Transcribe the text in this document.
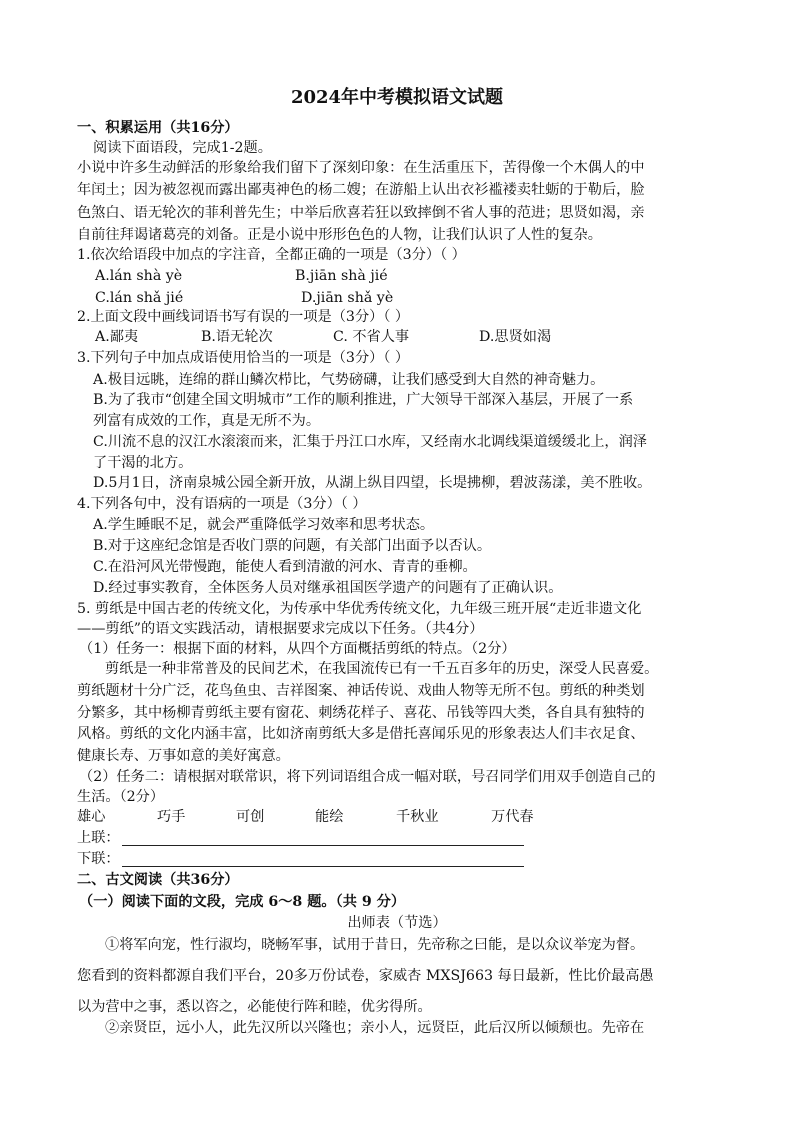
2024年中考模拟语文试题
一、积累运用（共16分）
阅读下面语段，完成1-2题。
小说中许多生动鲜活的形象给我们留下了深刻印象：在生活重压下，苦得像一个木偶人的中
年闰土；因为被忽视而露出鄙夷神色的杨二嫂；在游船上认出衣衫褴褛卖牡蛎的于勒后，脸
色煞白、语无轮次的菲利普先生；中举后欣喜若狂以致摔倒不省人事的范进；思贤如渴，亲
自前往拜谒诸葛亮的刘备。正是小说中形形色色的人物，让我们认识了人性的复杂。
1.依次给语段中加点的字注音，全都正确的一项是（3分）（ ）
A.lán shà yè	B.jiān shà jié
C.lán shǎ jié	D.jiān shǎ yè
2.上面文段中画线词语书写有误的一项是（3分）（ ）
A.鄙夷	B.语无轮次	C. 不省人事	D.思贤如渴
3.下列句子中加点成语使用恰当的一项是（3分）（ ）
A.极目远眺，连绵的群山鳞次栉比，气势磅礴，让我们感受到大自然的神奇魅力。
B.为了我市“创建全国文明城市”工作的顺利推进，广大领导干部深入基层，开展了一系
列富有成效的工作，真是无所不为。
C.川流不息的汉江水滚滚而来，汇集于丹江口水库，又经南水北调线渠道缓缓北上，润泽
了干渴的北方。
D.5月1日，济南泉城公园全新开放，从湖上纵目四望，长堤拂柳，碧波荡漾，美不胜收。
4.下列各句中，没有语病的一项是（3分）（ ）
A.学生睡眠不足，就会严重降低学习效率和思考状态。
B.对于这座纪念馆是否收门票的问题，有关部门出面予以否认。
C.在沿河风光带慢跑，能使人看到清澈的河水、青青的垂柳。
D.经过事实教育，全体医务人员对继承祖国医学遗产的问题有了正确认识。
5. 剪纸是中国古老的传统文化，为传承中华优秀传统文化，九年级三班开展“走近非遗文化
——剪纸”的语文实践活动，请根据要求完成以下任务。（共4分）
（1）任务一：根据下面的材料，从四个方面概括剪纸的特点。（2分）
剪纸是一种非常普及的民间艺术，在我国流传已有一千五百多年的历史，深受人民喜爱。
剪纸题材十分广泛，花鸟鱼虫、吉祥图案、神话传说、戏曲人物等无所不包。剪纸的种类划
分繁多，其中杨柳青剪纸主要有窗花、刺绣花样子、喜花、吊钱等四大类，各自具有独特的
风格。剪纸的文化内涵丰富，比如济南剪纸大多是借托喜闻乐见的形象表达人们丰衣足食、
健康长寿、万事如意的美好寓意。
（2）任务二：请根据对联常识，将下列词语组合成一幅对联，号召同学们用双手创造自己的
生活。（2分）
雄心	巧手	可创	能绘	千秋业	万代春
上联：
下联：
二、古文阅读（共36分）
（一）阅读下面的文段，完成 6～8 题。（共 9 分）
出师表（节选）
①将军向宠，性行淑均，晓畅军事，试用于昔日，先帝称之曰能，是以众议举宠为督。
您看到的资料都源自我们平台，20多万份试卷，家威杏 MXSJ663 每日最新，性比价最高愚
以为营中之事，悉以咨之，必能使行阵和睦，优劣得所。
②亲贤臣，远小人，此先汉所以兴隆也；亲小人，远贤臣，此后汉所以倾颓也。先帝在
